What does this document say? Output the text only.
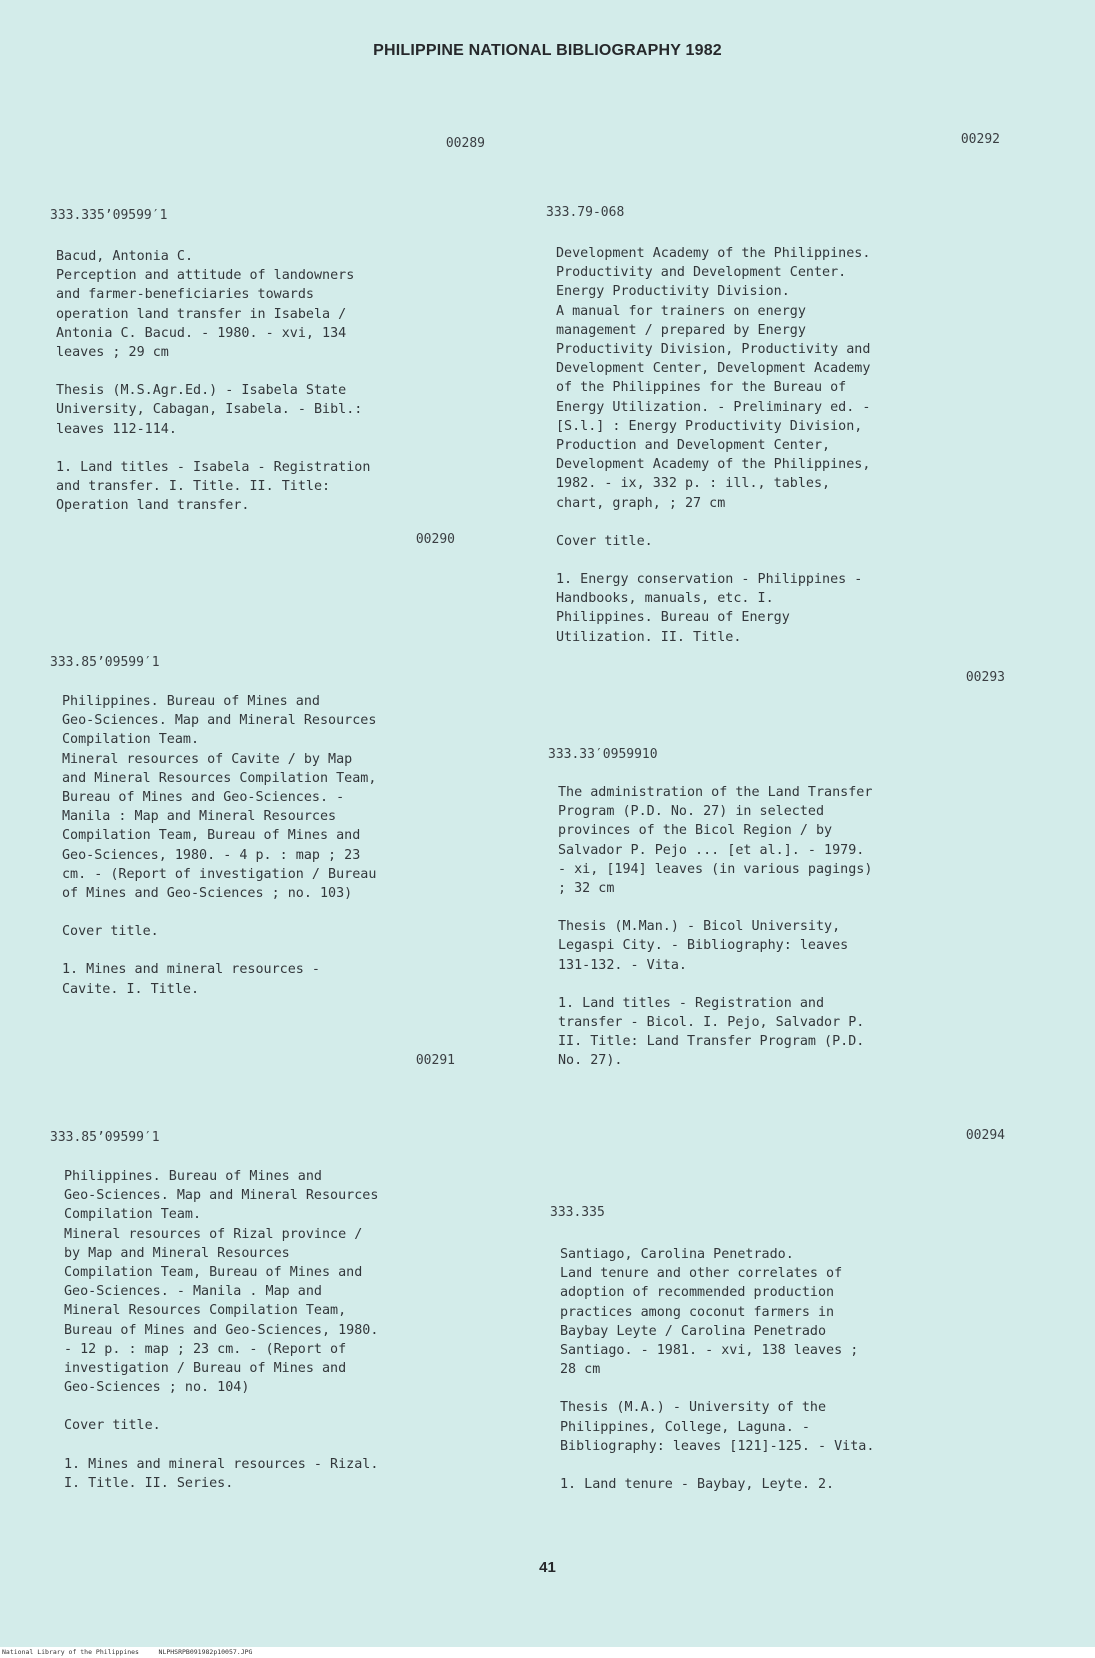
PHILIPPINE NATIONAL BIBLIOGRAPHY 1982
00289
333.335’09599′1
Bacud, Antonia C.
Perception and attitude of landowners
and farmer-beneficiaries towards
operation land transfer in Isabela /
Antonia C. Bacud. - 1980. - xvi, 134
leaves ; 29 cm
Thesis (M.S.Agr.Ed.) - Isabela State
University, Cabagan, Isabela. - Bibl.:
leaves 112-114.
1. Land titles - Isabela - Registration
and transfer. I. Title. II. Title:
Operation land transfer.
00290
333.85’09599′1
Philippines. Bureau of Mines and
Geo-Sciences. Map and Mineral Resources
Compilation Team.
Mineral resources of Cavite / by Map
and Mineral Resources Compilation Team,
Bureau of Mines and Geo-Sciences. -
Manila : Map and Mineral Resources
Compilation Team, Bureau of Mines and
Geo-Sciences, 1980. - 4 p. : map ; 23
cm. - (Report of investigation / Bureau
of Mines and Geo-Sciences ; no. 103)
Cover title.
1. Mines and mineral resources -
Cavite. I. Title.
00291
333.85’09599′1
Philippines. Bureau of Mines and
Geo-Sciences. Map and Mineral Resources
Compilation Team.
Mineral resources of Rizal province /
by Map and Mineral Resources
Compilation Team, Bureau of Mines and
Geo-Sciences. - Manila . Map and
Mineral Resources Compilation Team,
Bureau of Mines and Geo-Sciences, 1980.
- 12 p. : map ; 23 cm. - (Report of
investigation / Bureau of Mines and
Geo-Sciences ; no. 104)
Cover title.
1. Mines and mineral resources - Rizal.
I. Title. II. Series.
00292
333.79-068
Development Academy of the Philippines.
Productivity and Development Center.
Energy Productivity Division.
A manual for trainers on energy
management / prepared by Energy
Productivity Division, Productivity and
Development Center, Development Academy
of the Philippines for the Bureau of
Energy Utilization. - Preliminary ed. -
[S.l.] : Energy Productivity Division,
Production and Development Center,
Development Academy of the Philippines,
1982. - ix, 332 p. : ill., tables,
chart, graph, ; 27 cm
Cover title.
1. Energy conservation - Philippines -
Handbooks, manuals, etc. I.
Philippines. Bureau of Energy
Utilization. II. Title.
00293
333.33′0959910
The administration of the Land Transfer
Program (P.D. No. 27) in selected
provinces of the Bicol Region / by
Salvador P. Pejo ... [et al.]. - 1979.
- xi, [194] leaves (in various pagings)
; 32 cm
Thesis (M.Man.) - Bicol University,
Legaspi City. - Bibliography: leaves
131-132. - Vita.
1. Land titles - Registration and
transfer - Bicol. I. Pejo, Salvador P.
II. Title: Land Transfer Program (P.D.
No. 27).
00294
333.335
Santiago, Carolina Penetrado.
Land tenure and other correlates of
adoption of recommended production
practices among coconut farmers in
Baybay Leyte / Carolina Penetrado
Santiago. - 1981. - xvi, 138 leaves ;
28 cm
Thesis (M.A.) - University of the
Philippines, College, Laguna. -
Bibliography: leaves [121]-125. - Vita.
1. Land tenure - Baybay, Leyte. 2.
41
National Library of the Philippines     NLPHSRPB091982p10057.JPG
